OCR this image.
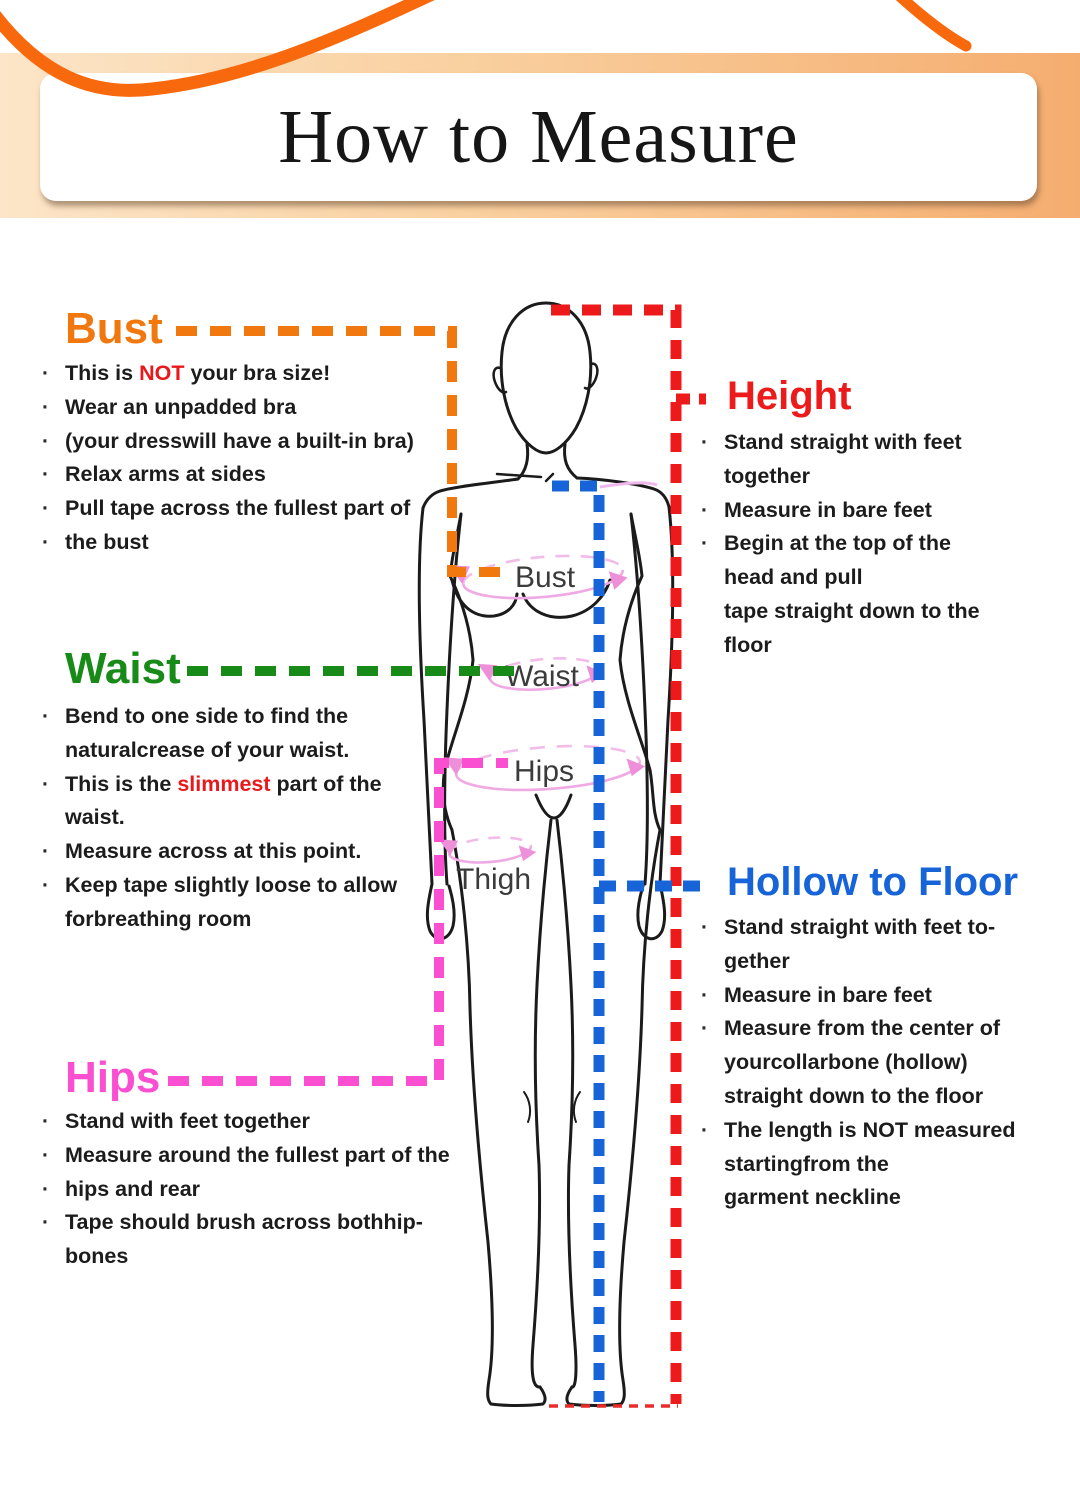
How to Measure
Bust
Waist
Hips
Thigh
Bust
Waist
Hips
Height
Hollow to Floor
· This is NOT your bra size!
· Wear an unpadded bra
· (your dresswill have a built-in bra)
· Relax arms at sides
· Pull tape across the fullest part of
· the bust
· Bend to one side to find the
naturalcrease of your waist.
· This is the slimmest part of the
waist.
· Measure across at this point.
· Keep tape slightly loose to allow
forbreathing room
· Stand with feet together
· Measure around the fullest part of the
· hips and rear
· Tape should brush across bothhip-
bones
· Stand straight with feet
together
· Measure in bare feet
· Begin at the top of the
head and pull
tape straight down to the
floor
· Stand straight with feet to-
gether
· Measure in bare feet
· Measure from the center of
yourcollarbone (hollow)
straight down to the floor
· The length is NOT measured
startingfrom the
garment neckline
